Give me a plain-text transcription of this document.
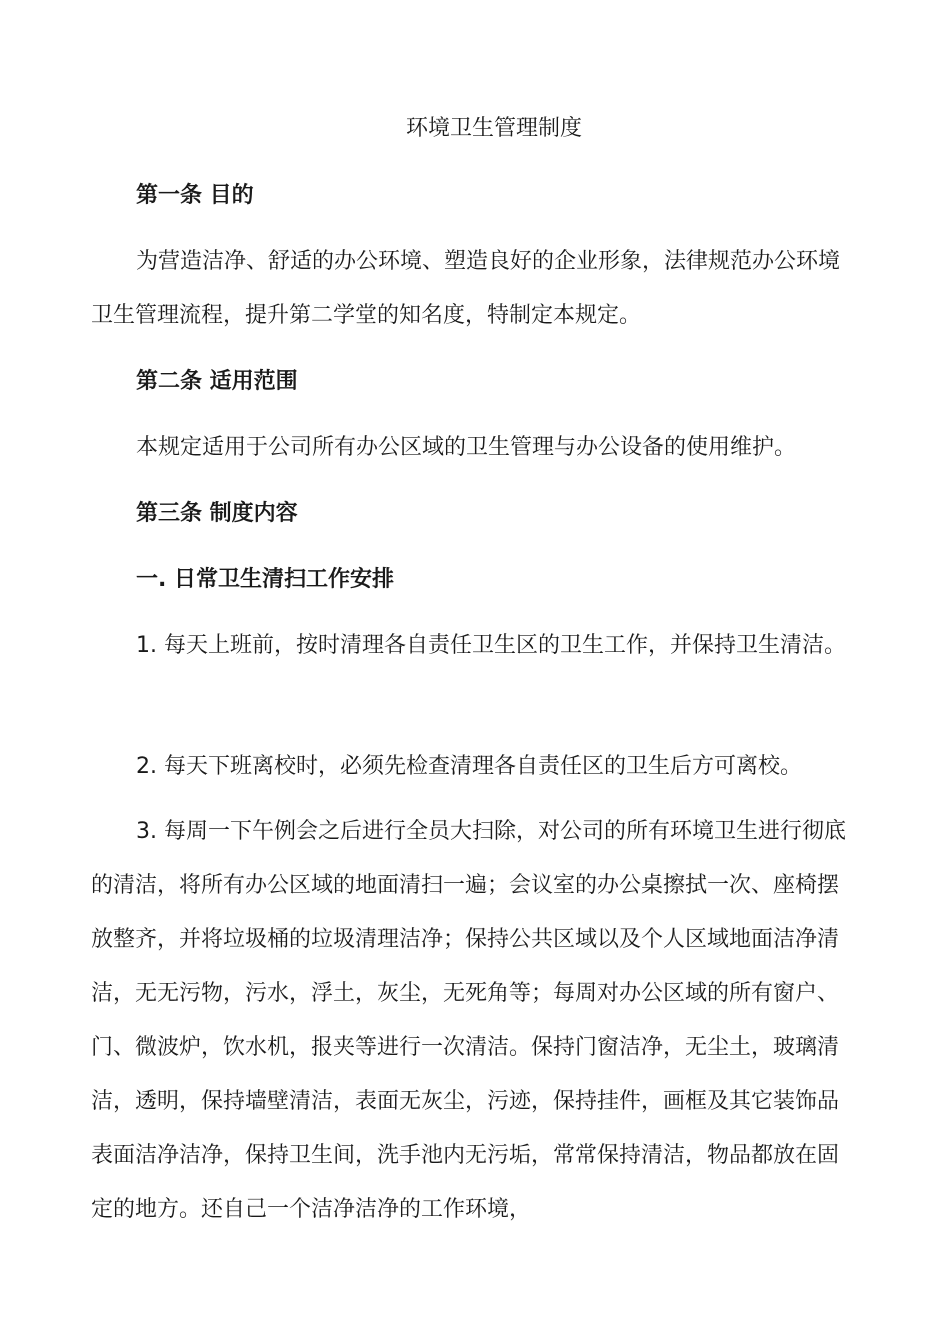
环境卫生管理制度
第一条 目的
为营造洁净、舒适的办公环境、塑造良好的企业形象，法律规范办公环境卫生管理流程，提升第二学堂的知名度，特制定本规定。
第二条 适用范围
本规定适用于公司所有办公区域的卫生管理与办公设备的使用维护。
第三条 制度内容
一. 日常卫生清扫工作安排
1. 每天上班前，按时清理各自责任卫生区的卫生工作，并保持卫生清洁。
2. 每天下班离校时，必须先检查清理各自责任区的卫生后方可离校。
3. 每周一下午例会之后进行全员大扫除，对公司的所有环境卫生进行彻底的清洁，将所有办公区域的地面清扫一遍；会议室的办公桌擦拭一次、座椅摆放整齐，并将垃圾桶的垃圾清理洁净；保持公共区域以及个人区域地面洁净清洁，无无污物，污水，浮土，灰尘，无死角等；每周对办公区域的所有窗户、门、微波炉，饮水机，报夹等进行一次清洁。保持门窗洁净，无尘土，玻璃清洁，透明，保持墙壁清洁，表面无灰尘，污迹，保持挂件，画框及其它装饰品表面洁净洁净，保持卫生间，洗手池内无污垢，常常保持清洁，物品都放在固定的地方。还自己一个洁净洁净的工作环境，
